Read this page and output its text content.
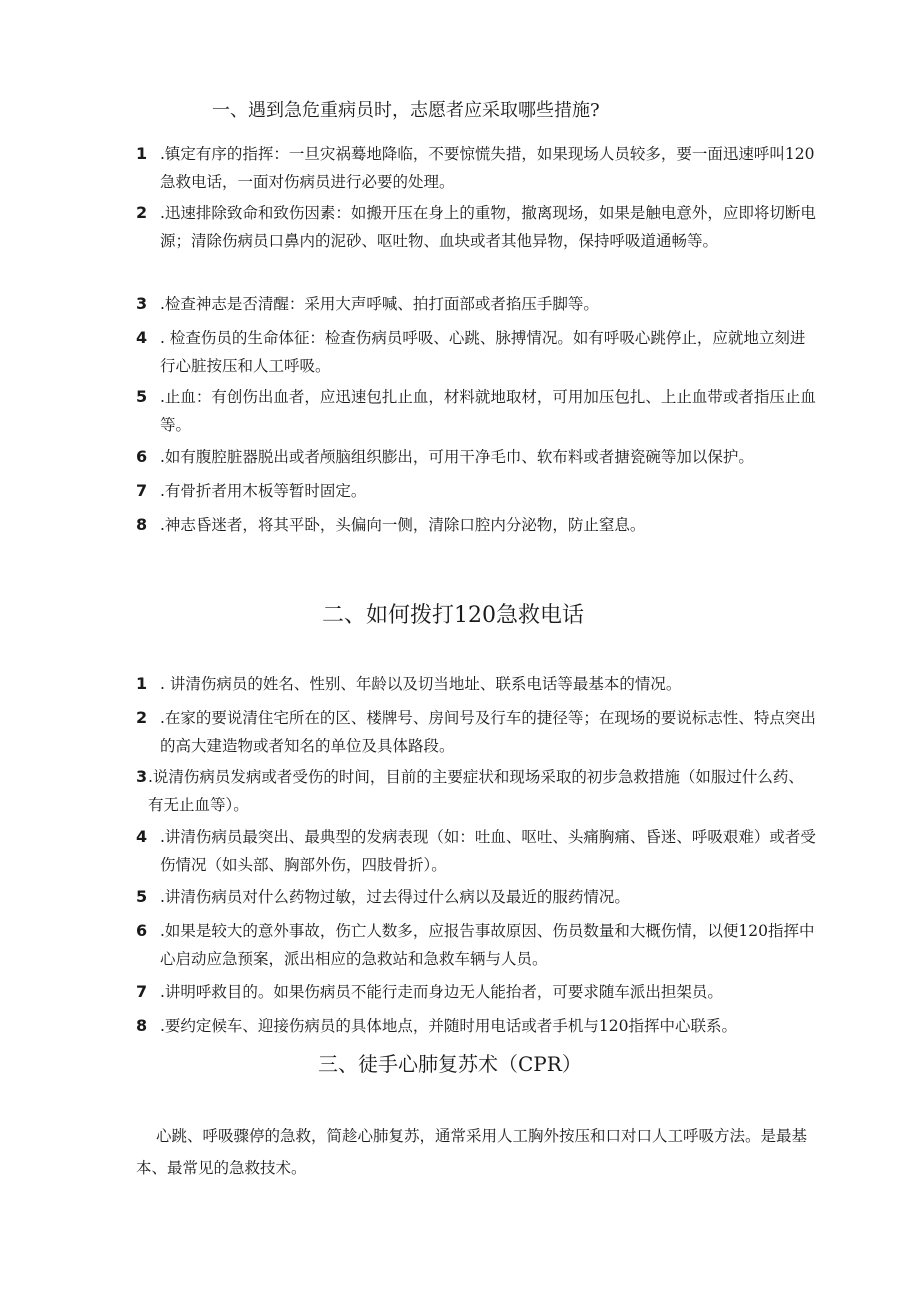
一、遇到急危重病员时，志愿者应采取哪些措施?
1 .镇定有序的指挥：一旦灾祸蓦地降临，不要惊慌失措，如果现场人员较多，要一面迅速呼叫120急救电话，一面对伤病员进行必要的处理。
2 .迅速排除致命和致伤因素：如搬开压在身上的重物，撤离现场，如果是触电意外，应即将切断电源；清除伤病员口鼻内的泥砂、呕吐物、血块或者其他异物，保持呼吸道通畅等。
3 .检查神志是否清醒：采用大声呼喊、拍打面部或者掐压手脚等。
4 . 检查伤员的生命体征：检查伤病员呼吸、心跳、脉搏情况。如有呼吸心跳停止，应就地立刻进行心脏按压和人工呼吸。
5 .止血：有创伤出血者，应迅速包扎止血，材料就地取材，可用加压包扎、上止血带或者指压止血等。
6 .如有腹腔脏器脱出或者颅脑组织膨出，可用干净毛巾、软布料或者搪瓷碗等加以保护。
7 .有骨折者用木板等暂时固定。
8 .神志昏迷者，将其平卧，头偏向一侧，清除口腔内分泌物，防止窒息。
二、如何拨打120急救电话
1 . 讲清伤病员的姓名、性别、年龄以及切当地址、联系电话等最基本的情况。
2 .在家的要说清住宅所在的区、楼牌号、房间号及行车的捷径等；在现场的要说标志性、特点突出的高大建造物或者知名的单位及具体路段。
3 .说清伤病员发病或者受伤的时间，目前的主要症状和现场采取的初步急救措施（如服过什么药、有无止血等）。
4 .讲清伤病员最突出、最典型的发病表现（如：吐血、呕吐、头痛胸痛、昏迷、呼吸艰难）或者受伤情况（如头部、胸部外伤，四肢骨折）。
5 .讲清伤病员对什么药物过敏，过去得过什么病以及最近的服药情况。
6 .如果是较大的意外事故，伤亡人数多，应报告事故原因、伤员数量和大概伤情，以便120指挥中心启动应急预案，派出相应的急救站和急救车辆与人员。
7 .讲明呼救目的。如果伤病员不能行走而身边无人能抬者，可要求随车派出担架员。
8 .要约定候车、迎接伤病员的具体地点，并随时用电话或者手机与120指挥中心联系。
三、徒手心肺复苏术（CPR）

心跳、呼吸骤停的急救，简趁心肺复苏，通常采用人工胸外按压和口对口人工呼吸方法。是最基本、最常见的急救技术。
